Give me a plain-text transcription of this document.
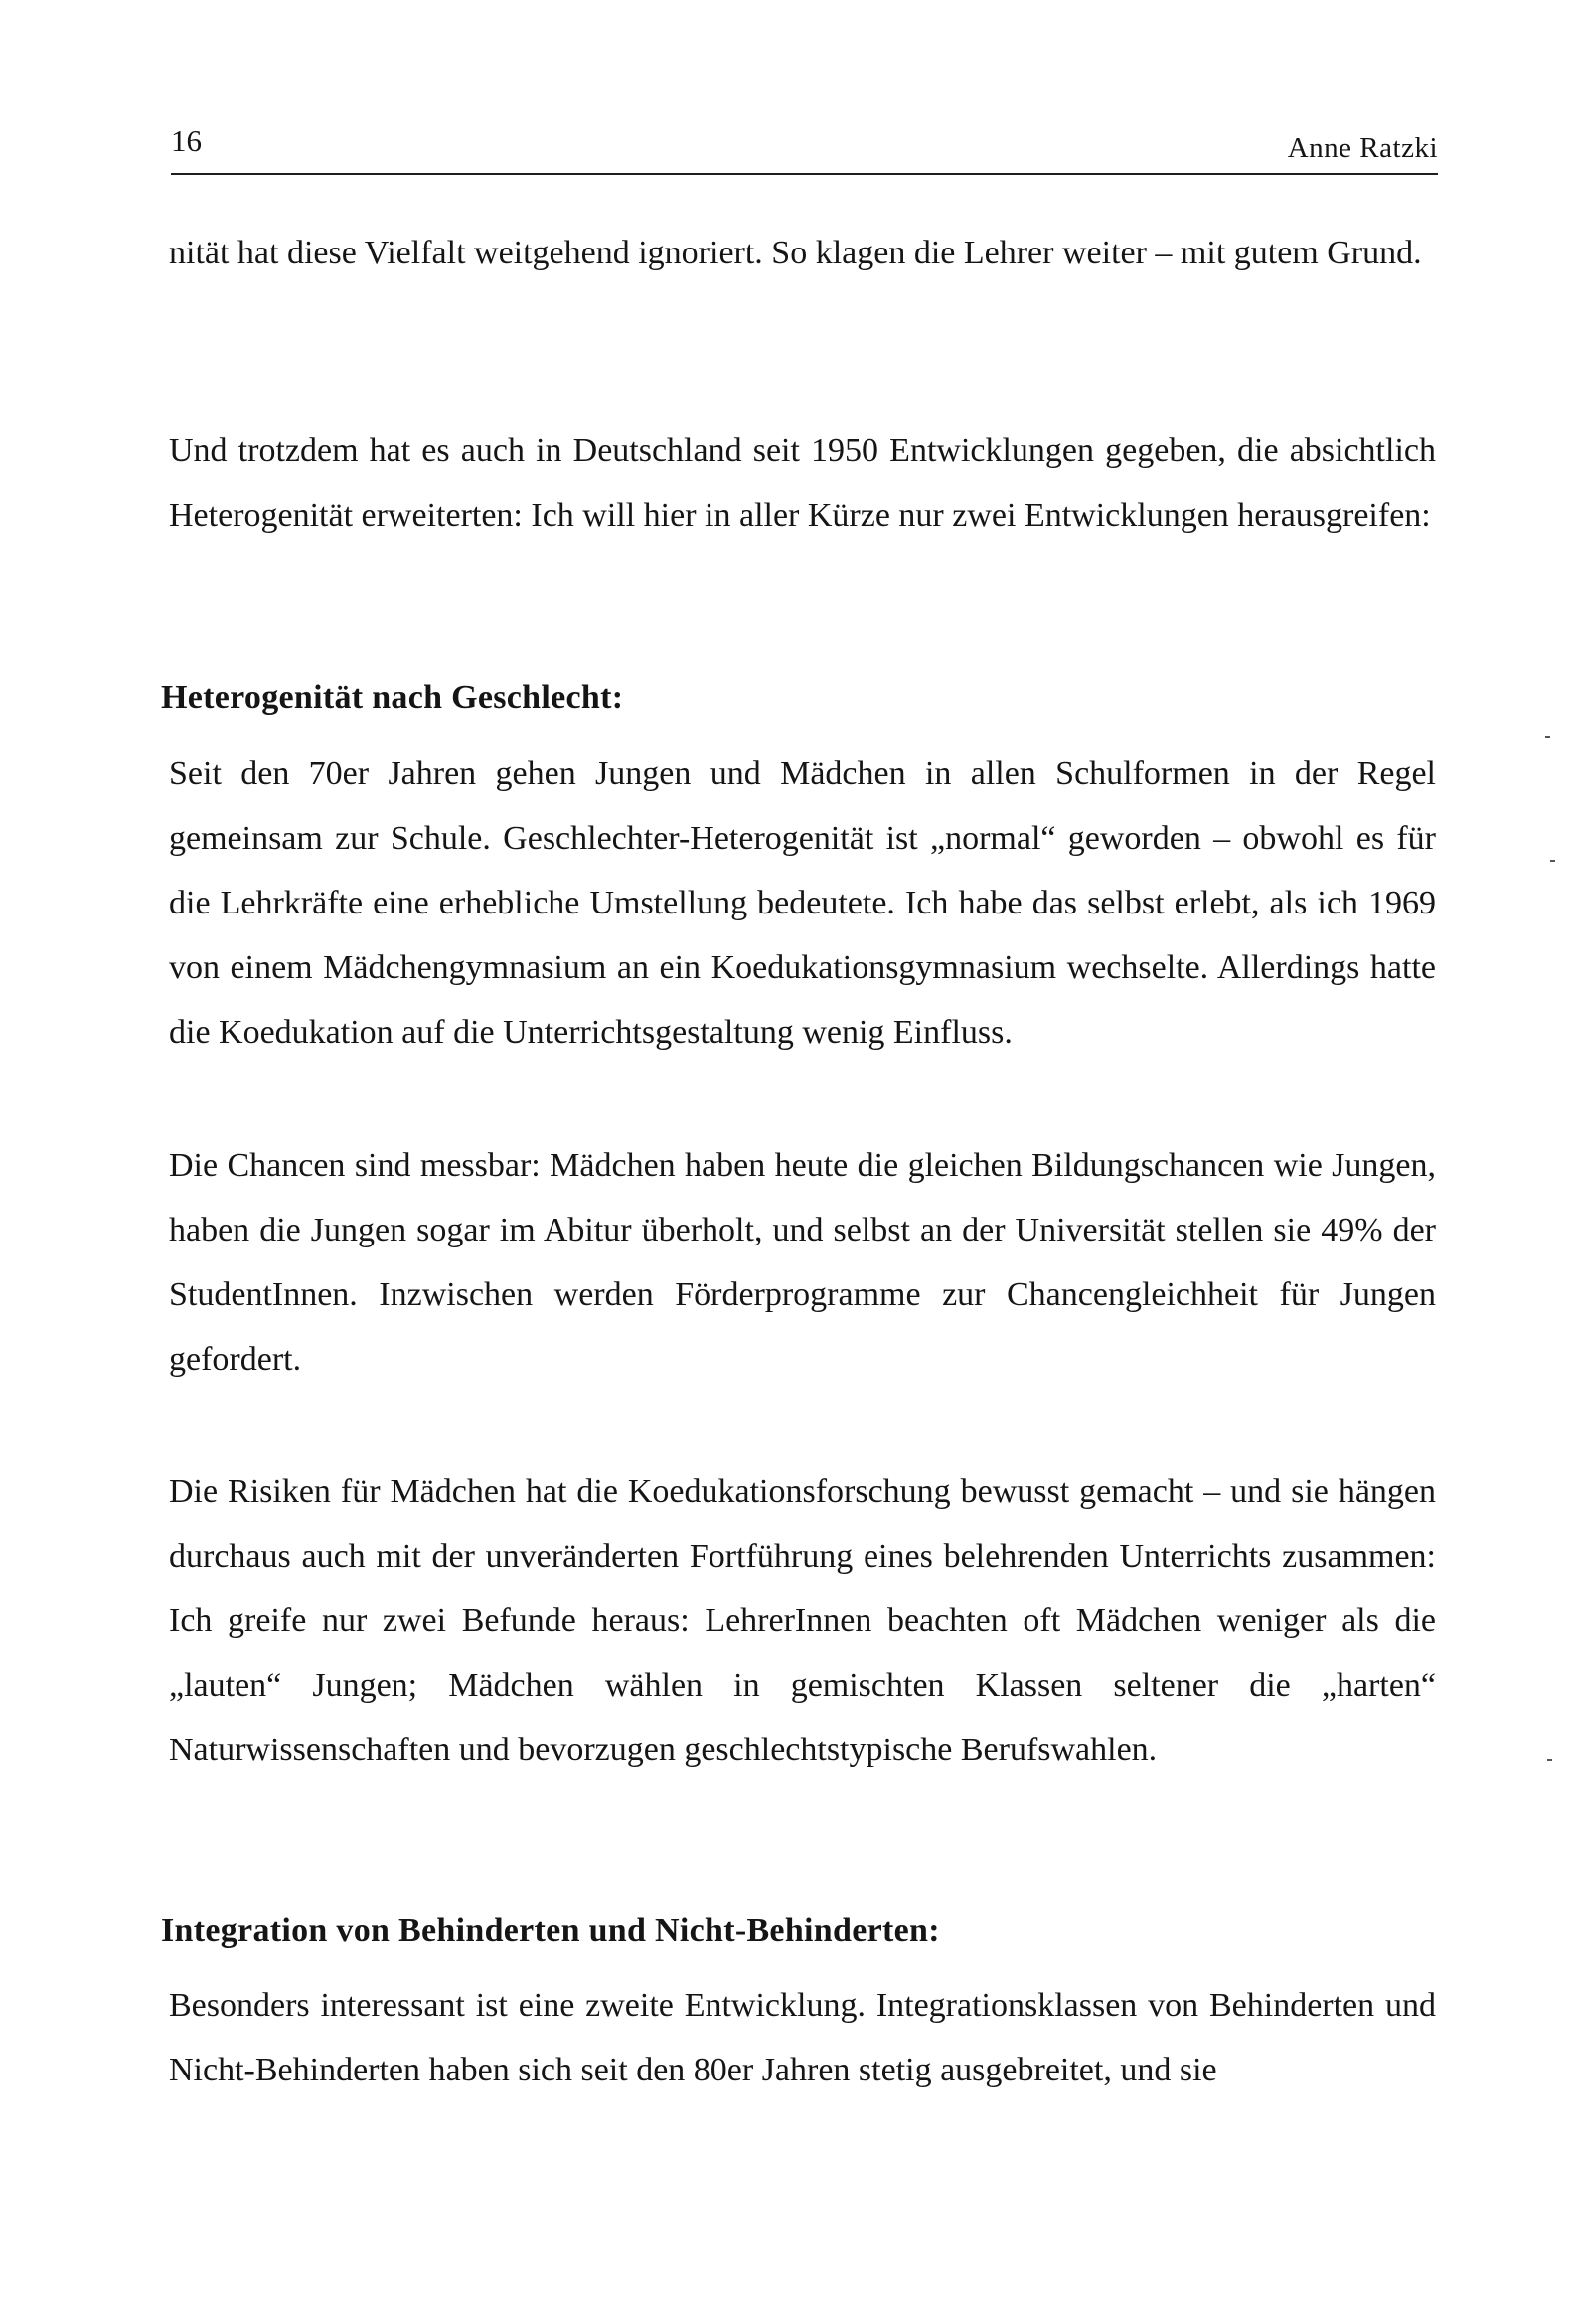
16	Anne Ratzki

nität hat diese Vielfalt weitgehend ignoriert. So klagen die Lehrer weiter – mit gutem Grund.

Und trotzdem hat es auch in Deutschland seit 1950 Entwicklungen gegeben, die absichtlich Heterogenität erweiterten: Ich will hier in aller Kürze nur zwei Entwicklungen herausgreifen:

Heterogenität nach Geschlecht:

Seit den 70er Jahren gehen Jungen und Mädchen in allen Schulformen in der Regel gemeinsam zur Schule. Geschlechter-Heterogenität ist „normal“ geworden – obwohl es für die Lehrkräfte eine erhebliche Umstellung bedeutete. Ich habe das selbst erlebt, als ich 1969 von einem Mädchengymnasium an ein Koedukationsgymnasium wechselte. Allerdings hatte die Koedukation auf die Unterrichtsgestaltung wenig Einfluss.

Die Chancen sind messbar: Mädchen haben heute die gleichen Bildungschancen wie Jungen, haben die Jungen sogar im Abitur überholt, und selbst an der Universität stellen sie 49% der StudentInnen. Inzwischen werden Förderprogramme zur Chancengleichheit für Jungen gefordert.

Die Risiken für Mädchen hat die Koedukationsforschung bewusst gemacht – und sie hängen durchaus auch mit der unveränderten Fortführung eines belehrenden Unterrichts zusammen: Ich greife nur zwei Befunde heraus: LehrerInnen beachten oft Mädchen weniger als die „lauten“ Jungen; Mädchen wählen in gemischten Klassen seltener die „harten“ Naturwissenschaften und bevorzugen geschlechtstypische Berufswahlen.

Integration von Behinderten und Nicht-Behinderten:

Besonders interessant ist eine zweite Entwicklung. Integrationsklassen von Behinderten und Nicht-Behinderten haben sich seit den 80er Jahren stetig ausgebreitet, und sie
